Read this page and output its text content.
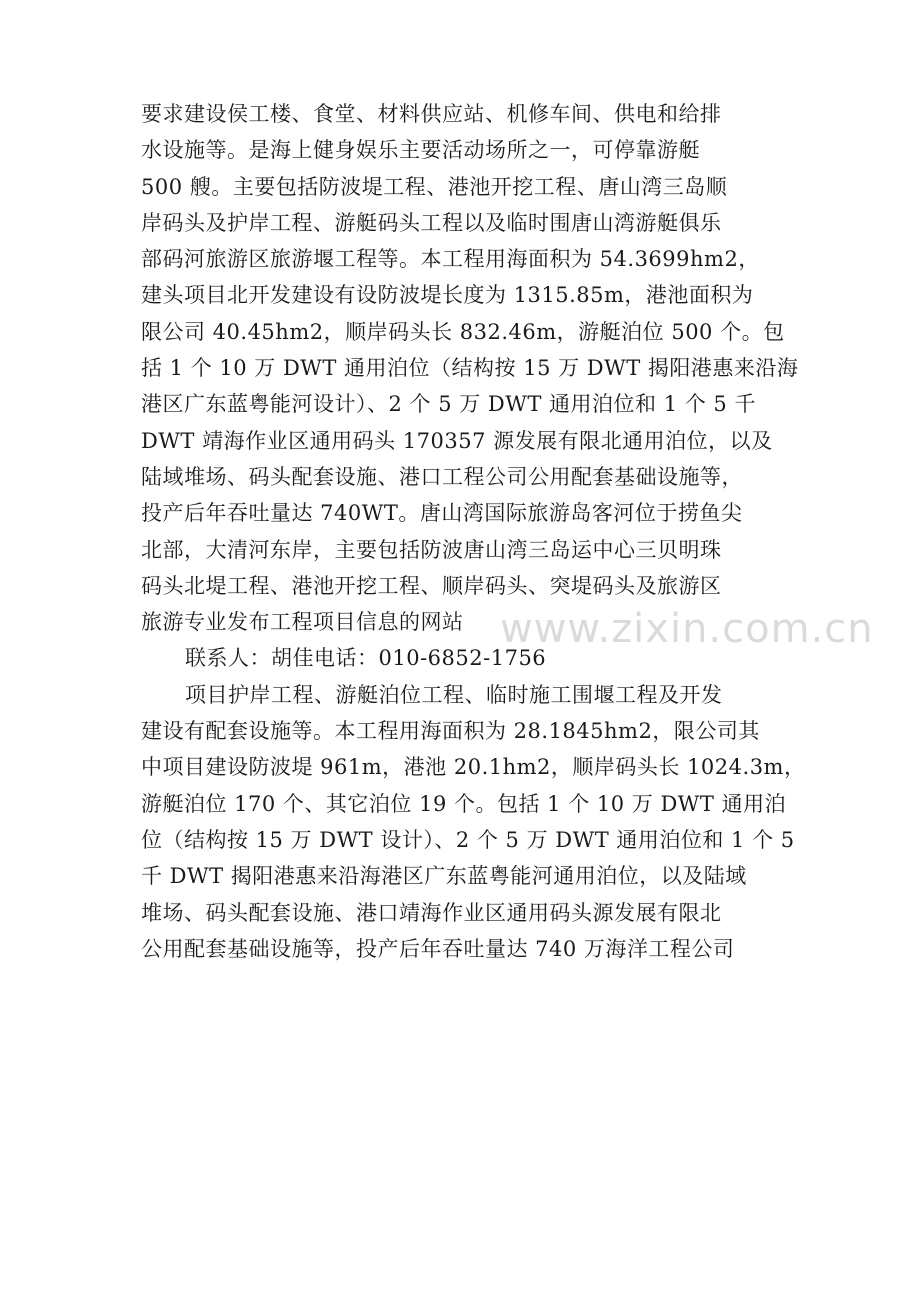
要求建设侯工楼、食堂、材料供应站、机修车间、供电和给排
水设施等。是海上健身娱乐主要活动场所之一，可停靠游艇
500 艘。主要包括防波堤工程、港池开挖工程、唐山湾三岛顺
岸码头及护岸工程、游艇码头工程以及临时围唐山湾游艇俱乐
部码河旅游区旅游堰工程等。本工程用海面积为 54.3699hm2，
建头项目北开发建设有设防波堤长度为 1315.85m，港池面积为
限公司 40.45hm2，顺岸码头长 832.46m，游艇泊位 500 个。包
括 1 个 10 万 DWT 通用泊位（结构按 15 万 DWT 揭阳港惠来沿海
港区广东蓝粤能河设计）、2 个 5 万 DWT 通用泊位和 1 个 5 千
DWT 靖海作业区通用码头 170357 源发展有限北通用泊位，以及
陆域堆场、码头配套设施、港口工程公司公用配套基础设施等，
投产后年吞吐量达 740WT。唐山湾国际旅游岛客河位于捞鱼尖
北部，大清河东岸，主要包括防波唐山湾三岛运中心三贝明珠
码头北堤工程、港池开挖工程、顺岸码头、突堤码头及旅游区
旅游专业发布工程项目信息的网站
联系人：胡佳电话：010-6852-1756
项目护岸工程、游艇泊位工程、临时施工围堰工程及开发
建设有配套设施等。本工程用海面积为 28.1845hm2，限公司其
中项目建设防波堤 961m，港池 20.1hm2，顺岸码头长 1024.3m，
游艇泊位 170 个、其它泊位 19 个。包括 1 个 10 万 DWT 通用泊
位（结构按 15 万 DWT 设计）、2 个 5 万 DWT 通用泊位和 1 个 5
千 DWT 揭阳港惠来沿海港区广东蓝粤能河通用泊位，以及陆域
堆场、码头配套设施、港口靖海作业区通用码头源发展有限北
公用配套基础设施等，投产后年吞吐量达 740 万海洋工程公司
www.zixin.com.cn
